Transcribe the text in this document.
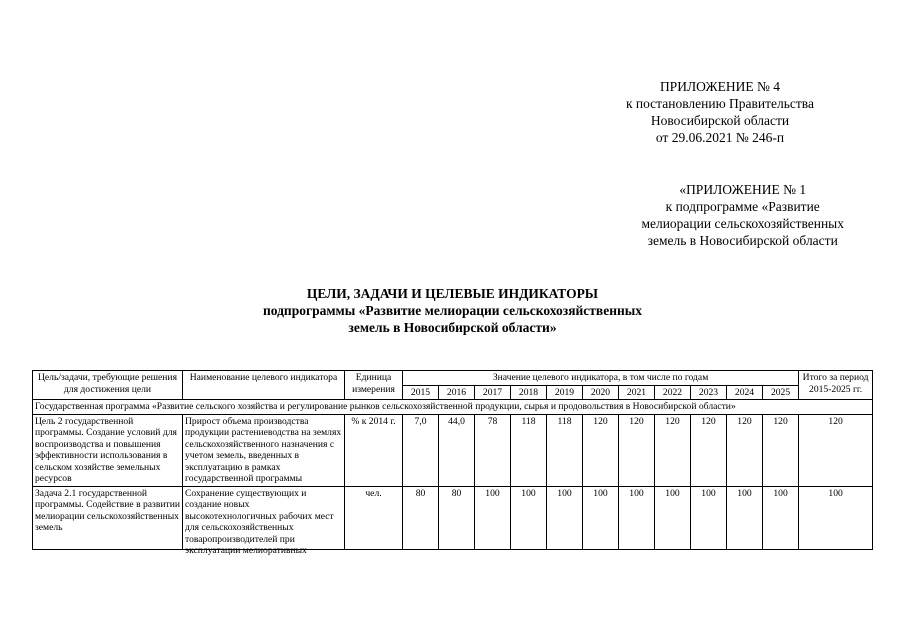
ПРИЛОЖЕНИЕ № 4
к постановлению Правительства
Новосибирской области
от 29.06.2021 № 246-п
«ПРИЛОЖЕНИЕ № 1
к подпрограмме «Развитие
мелиорации сельскохозяйственных
земель в Новосибирской области
ЦЕЛИ, ЗАДАЧИ И ЦЕЛЕВЫЕ ИНДИКАТОРЫ
подпрограммы «Развитие мелиорации сельскохозяйственных
земель в Новосибирской области»
Цель/задачи, требующие решения для достижения цели	Наименование целевого индикатора	Единица измерения	Значение целевого индикатора, в том числе по годам											Итого за период 2015-2025 гг.
			2015	2016	2017	2018	2019	2020	2021	2022	2023	2024	2025	
Государственная программа «Развитие сельского хозяйства и регулирование рынков сельскохозяйственной продукции, сырья и продовольствия в Новосибирской области»														
Цель 2 государственной программы. Создание условий для воспроизводства и повышения эффективности использования в сельском хозяйстве земельных ресурсов	Прирост объема производства продукции растениеводства на землях сельскохозяйственного назначения с учетом земель, введенных в эксплуатацию в рамках государственной программы	% к 2014 г.	7,0	44,0	78	118	118	120	120	120	120	120	120	120
Задача 2.1 государственной программы. Содействие в развитии мелиорации сельскохозяйственных земель	Сохранение существующих и создание новых высокотехнологичных рабочих мест для сельскохозяйственных товаропроизводителей при эксплуатации мелиоративных	чел.	80	80	100	100	100	100	100	100	100	100	100	100
